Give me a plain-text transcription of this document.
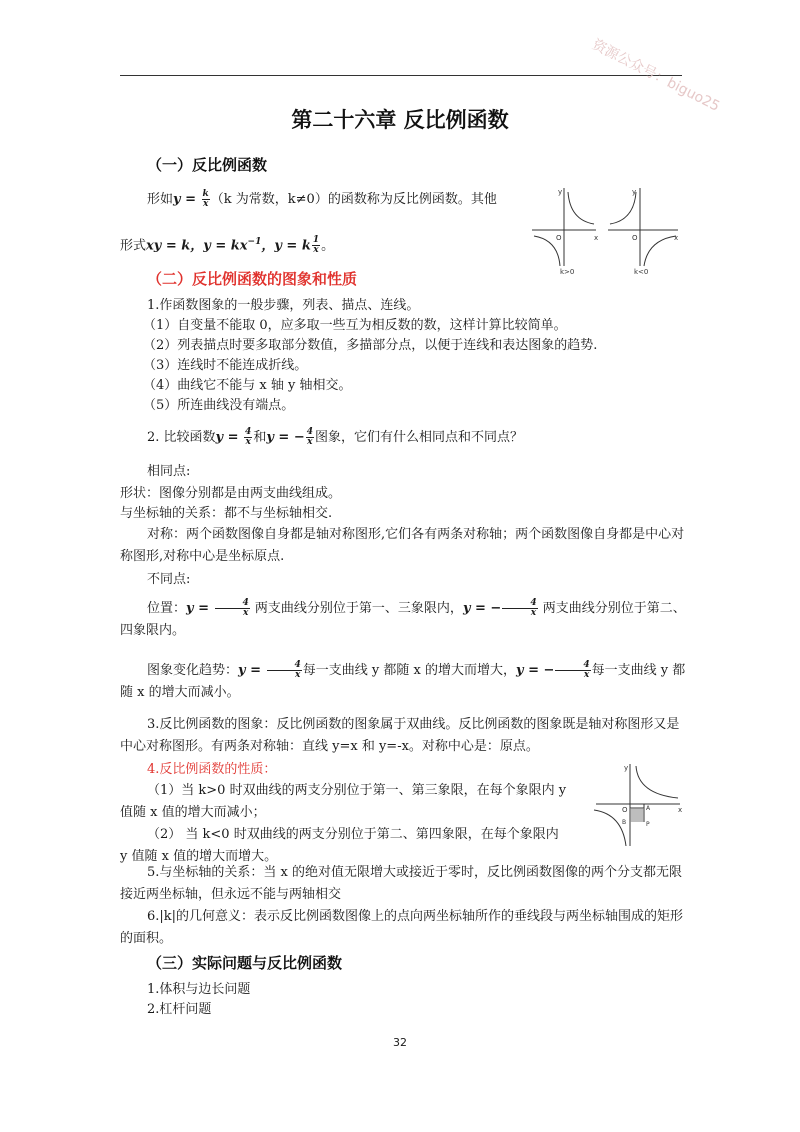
资源公众号：biguo25
第二十六章 反比例函数
（一）反比例函数
形如$y = \frac{k}{x} (k$ 为常数，k≠0）的函数称为反比例函数。其他
形式xy = k，$y = kx^{-1}$，y = k $\frac{1}{x}$ 。
y
x
O
k>0
y
x
O
k<0
（二）反比例函数的图象和性质
1.作函数图象的一般步骤，列表、描点、连线。
（1）自变量不能取 0，应多取一些互为相反数的数，这样计算比较简单。
（2）列表描点时要多取部分数值，多描部分点，以便于连线和表达图象的趋势.
（3）连线时不能连成折线。
（4）曲线它不能与 x 轴 y 轴相交。
（5）所连曲线没有端点。
2. 比较函数$y = \frac{4}{x}$ 和y = − $\frac{4}{x}$ 图象，它们有什么相同点和不同点？
相同点:
形状：图像分别都是由两支曲线组成。
与坐标轴的关系：都不与坐标轴相交.
对称：两个函数图像自身都是轴对称图形,它们各有两条对称轴；两个函数图像自身都是中心对称图形,对称中心是坐标原点.
不同点:
位置：$y = \frac{4}{x}$ 两支曲线分别位于第一、三象限内，y = − $\frac{4}{x}$ 两支曲线分别位于第二、四象限内。
图象变化趋势：$y = \frac{4}{x}$ 每一支曲线 y 都随 x 的增大而增大，y = − $\frac{4}{x}$ 每一支曲线 y 都随 x 的增大而减小。
3.反比例函数的图象：反比例函数的图象属于双曲线。反比例函数的图象既是轴对称图形又是中心对称图形。有两条对称轴：直线 y=x 和 y=-x。对称中心是：原点。
4.反比例函数的性质：
（1）当 k>0 时双曲线的两支分别位于第一、第三象限，在每个象限内 y 值随 x 值的增大而减小；
（2） 当 k<0 时双曲线的两支分别位于第二、第四象限，在每个象限内 y 值随 x 值的增大而增大。
y
x
O	A
B	P
5.与坐标轴的关系：当 x 的绝对值无限增大或接近于零时，反比例函数图像的两个分支都无限接近两坐标轴，但永远不能与两轴相交
6.|k|的几何意义：表示反比例函数图像上的点向两坐标轴所作的垂线段与两坐标轴围成的矩形的面积。
（三）实际问题与反比例函数
1.体积与边长问题
2.杠杆问题
32
